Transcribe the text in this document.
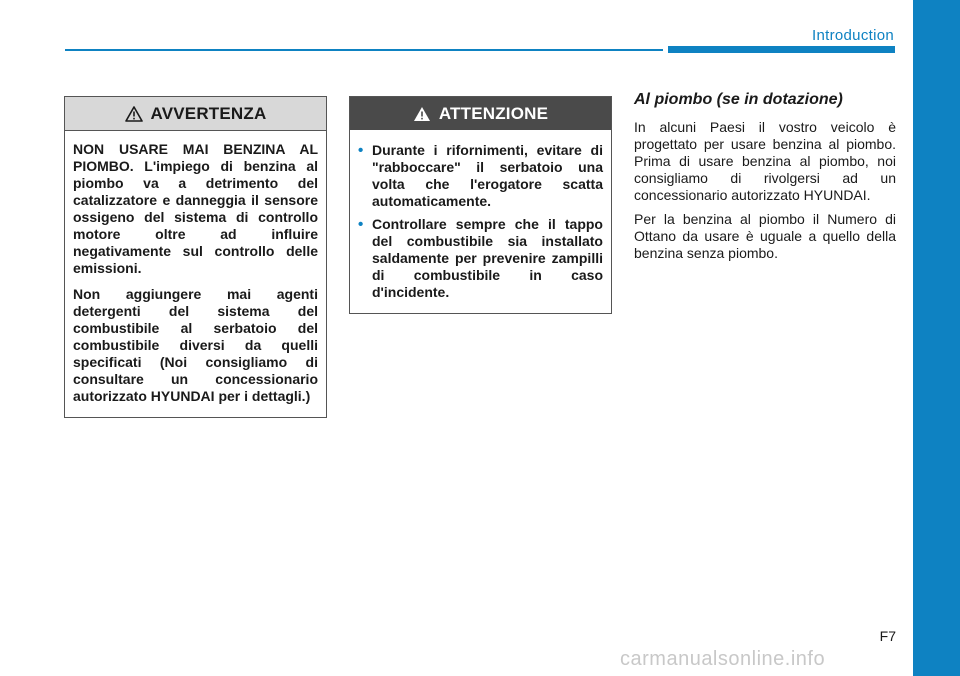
Introduction
AVVERTENZA

NON USARE MAI BENZINA AL PIOMBO. L'impiego di benzina al piombo va a detrimento del catalizzatore e danneggia il sensore ossigeno del sistema di controllo motore oltre ad influire negativamente sul controllo delle emissioni.

Non aggiungere mai agenti detergenti del sistema del combustibile al serbatoio del combustibile diversi da quelli specificati (Noi consigliamo di consultare un concessionario autorizzato HYUNDAI per i dettagli.)

ATTENZIONE
• Durante i rifornimenti, evitare di "rabboccare" il serbatoio una volta che l'erogatore scatta automaticamente.
• Controllare sempre che il tappo del combustibile sia installato saldamente per prevenire zampilli di combustibile in caso d'incidente.
Al piombo (se in dotazione)

In alcuni Paesi il vostro veicolo è progettato per usare benzina al piombo. Prima di usare benzina al piombo, noi consigliamo di rivolgersi ad un concessionario autorizzato HYUNDAI.

Per la benzina al piombo il Numero di Ottano da usare è uguale a quello della benzina senza piombo.

F7
carmanualsonline.info
